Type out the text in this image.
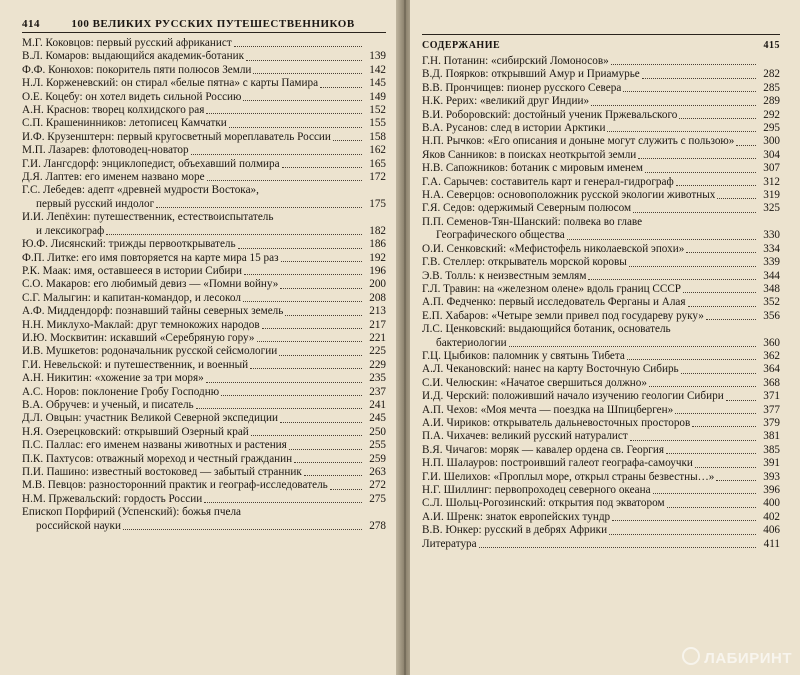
414	100 ВЕЛИКИХ РУССКИХ ПУТЕШЕСТВЕННИКОВ
М.Г. Коковцов: первый русский африканист
В.Л. Комаров: выдающийся академик-ботаник	139
Ф.Ф. Конюхов: покоритель пяти полюсов Земли	142
Н.Л. Корженевский: он стирал «белые пятна» с карты Памира	145
О.Е. Коцебу: он хотел видеть сильной Россию	149
А.Н. Краснов: творец колхидского рая	152
С.П. Крашенинников: летописец Камчатки	155
И.Ф. Крузенштерн: первый кругосветный мореплаватель России	158
М.П. Лазарев: флотоводец-новатор	162
Г.И. Лангсдорф: энциклопедист, объехавший полмира	165
Д.Я. Лаптев: его именем названо море	172
Г.С. Лебедев: адепт «древней мудрости Востока»,
первый русский индолог	175
И.И. Лепёхин: путешественник, естествоиспытатель
и лексикограф	182
Ю.Ф. Лисянский: трижды первооткрыватель	186
Ф.П. Литке: его имя повторяется на карте мира 15 раз	192
Р.К. Маак: имя, оставшееся в истории Сибири	196
С.О. Макаров: его любимый девиз — «Помни войну»	200
С.Г. Малыгин: и капитан-командор, и лесокол	208
А.Ф. Миддендорф: познавший тайны северных земель	213
Н.Н. Миклухо-Маклай: друг темнокожих народов	217
И.Ю. Москвитин: искавший «Серебряную гору»	221
И.В. Мушкетов: родоначальник русской сейсмологии	225
Г.И. Невельской: и путешественник, и военный	229
А.Н. Никитин: «хожение за три моря»	235
А.С. Норов: поклонение Гробу Господню	237
В.А. Обручев: и ученый, и писатель	241
Д.Л. Овцын: участник Великой Северной экспедиции	245
Н.Я. Озерецковский: открывший Озерный край	250
П.С. Паллас: его именем названы животных и растения	255
П.К. Пахтусов: отважный мореход и честный гражданин	259
П.И. Пашино: известный востоковед — забытый странник	263
М.В. Певцов: разносторонний практик и географ-исследователь	272
Н.М. Пржевальский: гордость России	275
Епископ Порфирий (Успенский): божья пчела
российской науки	278
СОДЕРЖАНИЕ	415
Г.Н. Потанин: «сибирский Ломоносов»
В.Д. Поярков: открывший Амур и Приамурье	282
В.В. Прончищев: пионер русского Севера	285
Н.К. Рерих: «великий друг Индии»	289
В.И. Роборовский: достойный ученик Пржевальского	292
В.А. Русанов: след в истории Арктики	295
Н.П. Рычков: «Его описания и доныне могут служить с пользою»	300
Яков Санников: в поисках неоткрытой земли	304
Н.В. Сапожников: ботаник с мировым именем	307
Г.А. Сарычев: составитель карт и генерал-гидрограф	312
Н.А. Северцов: основоположник русской экологии животных	319
Г.Я. Седов: одержимый Северным полюсом	325
П.П. Семенов-Тян-Шанский: полвека во главе
Географического общества	330
О.И. Сенковский: «Мефистофель николаевской эпохи»	334
Г.В. Стеллер: открыватель морской коровы	339
Э.В. Толль: к неизвестным землям	344
Г.Л. Травин: на «железном олене» вдоль границ СССР	348
А.П. Федченко: первый исследователь Ферганы и Алая	352
Е.П. Хабаров: «Четыре земли привел под государеву руку»	356
Л.С. Ценковский: выдающийся ботаник, основатель
бактериологии	360
Г.Ц. Цыбиков: паломник у святынь Тибета	362
А.Л. Чекановский: нанес на карту Восточную Сибирь	364
С.И. Челюскин: «Начатое свершиться должно»	368
И.Д. Черский: положивший начало изучению геологии Сибири	371
А.П. Чехов: «Моя мечта — поездка на Шпицберген»	377
А.И. Чириков: открыватель дальневосточных просторов	379
П.А. Чихачев: великий русский натуралист	381
В.Я. Чичагов: моряк — кавалер ордена св. Георгия	385
Н.П. Шалауров: построивший галеот географа-самоучки	391
Г.И. Шелихов: «Проплыл море, открыл страны безвестны…»	393
Н.Г. Шиллинг: первопроходец северного океана	396
С.Л. Шольц-Рогозинский: открытия под экватором	400
А.И. Шренк: знаток европейских тундр	402
В.В. Юнкер: русский в дебрях Африки	406
Литература	411
ЛАБИРИНТ
